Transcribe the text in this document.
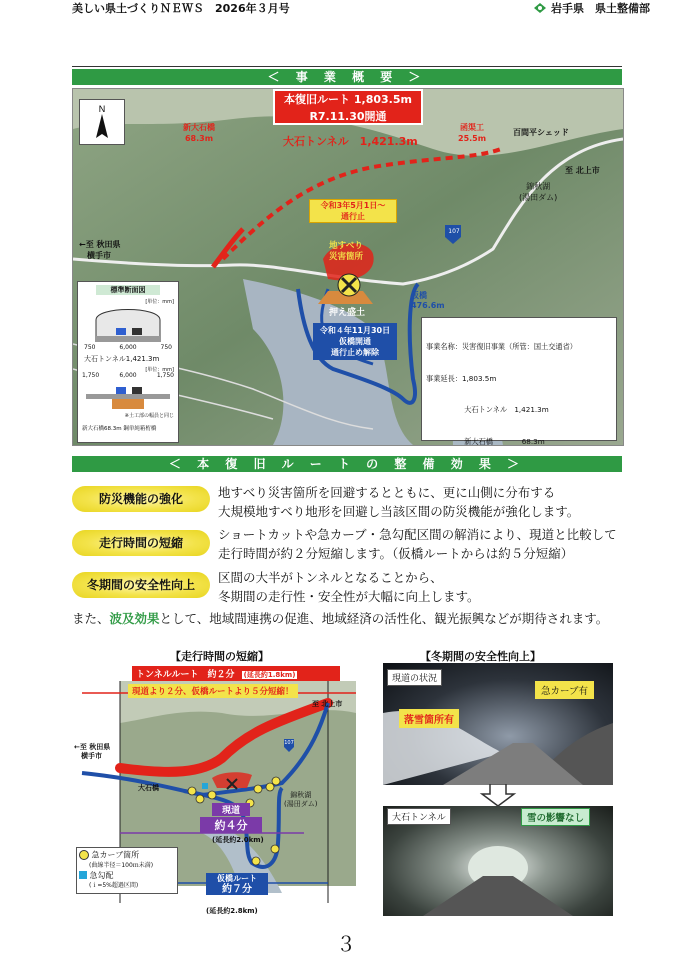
美しい県土づくりＮＥＷＳ　2026年３月号	岩手県　県土整備部
＜ 事 業 概 要 ＞
N
本復旧ルート 1,803.5m
R7.11.30開通
新大石橋
68.3m	大石トンネル　1,421.3m
函渠工
25.5m
百間平シェッド
至 北上市
錦秋湖
(湯田ダム)
107
←至 秋田県
　横手市
令和3年5月1日～
通行止
地すべり
災害箇所
押え盛土
令和４年11月30日
仮橋開通
通行止め解除
仮橋
476.6m
標準断面図
[単位：mm]
750	6,000	750
大石トンネル1,421.3m
[単位：mm]
1,750	6,000	1,750
※土工部の幅員と同じ
新大石橋68.3m 鋼単純箱桁橋

事業名称：災害復旧事業（所管：国土交通省）

事業延長：1,803.5m

　　　　 　大石トンネル　1,421.3m

　　　　 　新大石橋　　　　68.3m

＜ 本 復 旧 ル ー ト の 整 備 効 果 ＞
防災機能の強化	地すべり災害箇所を回避するとともに、更に山側に分布する
大規模地すべり地形を回避し当該区間の防災機能が強化します。
走行時間の短縮
ショートカットや急カーブ・急勾配区間の解消により、現道と比較して
走行時間が約２分短縮します。（仮橋ルートからは約５分短縮）
冬期間の安全性向上	区間の大半がトンネルとなることから、
冬期間の走行性・安全性が大幅に向上します。
また、波及効果として、地域間連携の促進、地域経済の活性化、観光振興などが期待されます。
【走行時間の短縮】	【冬期間の安全性向上】
トンネルルート　約２分 (延長約1.8km)
現道より２分、仮橋ルートより５分短縮！
至 北上市
←至 秋田県
　横手市
大石橋
107
錦秋湖
(湯田ダム)
現道
約４分
(延長約2.0km)
急カーブ箇所
(曲線半径＝100ｍ未満)
急勾配
(ｉ=5%超過区間)
仮橋ルート
約７分
(延長約2.8km)
現道の状況
急カーブ有
落雪箇所有
大石トンネル	雪の影響なし
３
